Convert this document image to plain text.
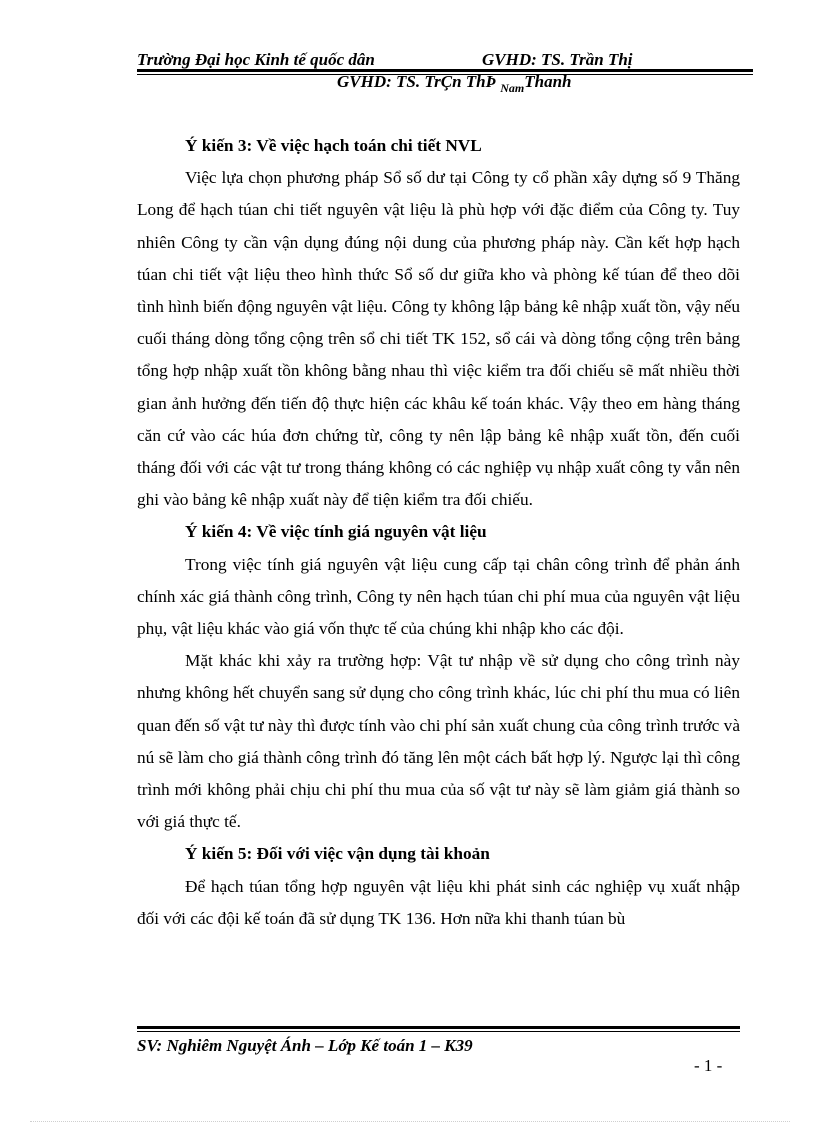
Trường Đại học Kinh tế quốc dân	GVHD: TS. Trần Thị
GVHD: TS. TrÇn ThÞ $_{Nam}$Thanh

Ý kiến 3: Về việc hạch toán chi tiết NVL

Việc lựa chọn phương pháp Sổ số dư tại Công ty cổ phần xây dựng số 9 Thăng Long để hạch túan chi tiết nguyên vật liệu là phù hợp với đặc điểm của Công ty. Tuy nhiên Công ty cần vận dụng đúng nội dung của phương pháp này. Cần kết hợp hạch túan chi tiết vật liệu theo hình thức Sổ số dư giữa kho và phòng kế túan để theo dõi tình hình biến động nguyên vật liệu. Công ty không lập bảng kê nhập xuất tồn, vậy nếu cuối tháng dòng tổng cộng trên sổ chi tiết TK 152, sổ cái và dòng tổng cộng trên bảng tổng hợp nhập xuất tồn không bằng nhau thì việc kiểm tra đối chiếu sẽ mất nhiều thời gian ảnh hưởng đến tiến độ thực hiện các khâu kế toán khác. Vậy theo em hàng tháng căn cứ vào các húa đơn chứng từ, công ty nên lập bảng kê nhập xuất tồn, đến cuối tháng đối với các vật tư trong tháng không có các nghiệp vụ nhập xuất công ty vẫn nên ghi vào bảng kê nhập xuất này để tiện kiểm tra đối chiếu.

Ý kiến 4: Về việc tính giá nguyên vật liệu

Trong việc tính giá nguyên vật liệu cung cấp tại chân công trình để phản ánh chính xác giá thành công trình, Công ty nên hạch túan chi phí mua của nguyên vật liệu phụ, vật liệu khác vào giá vốn thực tế của chúng khi nhập kho các đội.

Mặt khác khi xảy ra trường hợp: Vật tư nhập về sử dụng cho công trình này nhưng không hết chuyển sang sử dụng cho công trình khác, lúc chi phí thu mua có liên quan đến số vật tư này thì được tính vào chi phí sản xuất chung của công trình trước và nú sẽ làm cho giá thành công trình đó tăng lên một cách bất hợp lý. Ngược lại thì công trình mới không phải chịu chi phí thu mua của số vật tư này sẽ làm giảm giá thành so với giá thực tế.

Ý kiến 5: Đối với việc vận dụng tài khoản

Để hạch túan tổng hợp nguyên vật liệu khi phát sinh các nghiệp vụ xuất nhập đối với các đội kế toán đã sử dụng TK 136. Hơn nữa khi thanh túan bù

SV: Nghiêm Nguyệt Ánh – Lớp Kế toán 1 – K39
- 1 -
